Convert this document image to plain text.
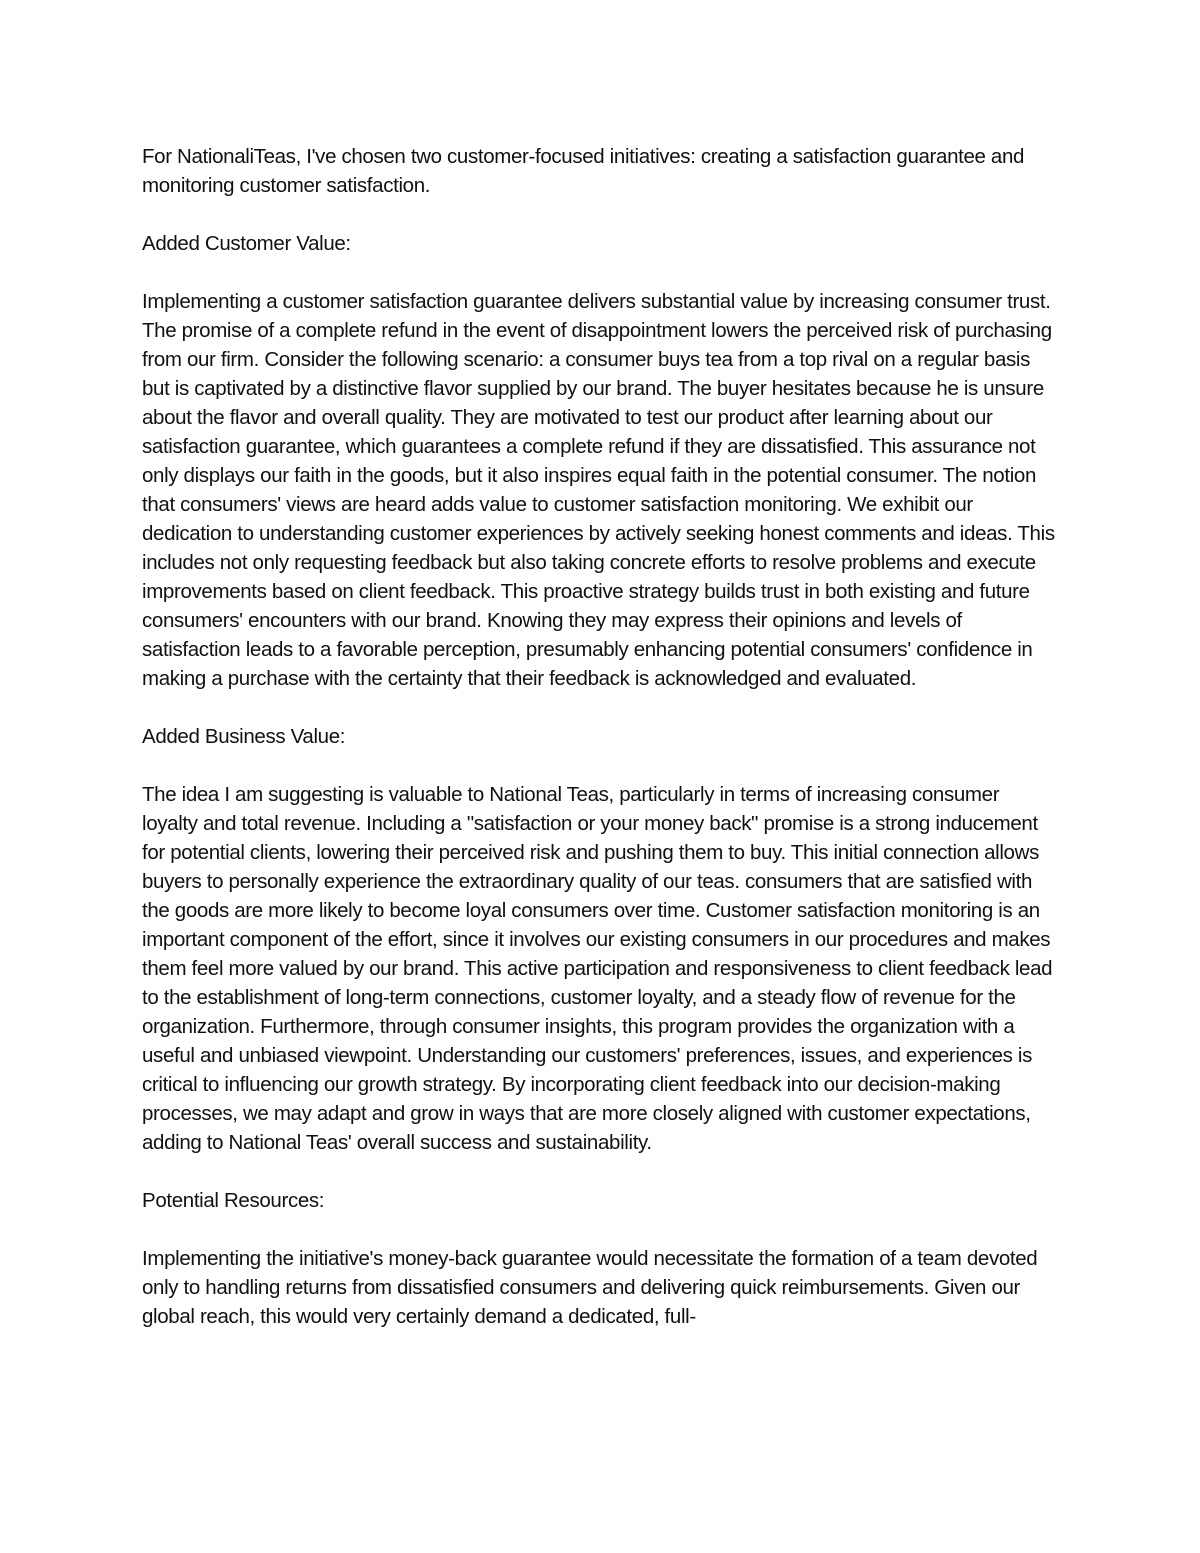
For NationaliTeas, I've chosen two customer-focused initiatives: creating a satisfaction guarantee and monitoring customer satisfaction.

Added Customer Value:

Implementing a customer satisfaction guarantee delivers substantial value by increasing consumer trust. The promise of a complete refund in the event of disappointment lowers the perceived risk of purchasing from our firm. Consider the following scenario: a consumer buys tea from a top rival on a regular basis but is captivated by a distinctive flavor supplied by our brand. The buyer hesitates because he is unsure about the flavor and overall quality. They are motivated to test our product after learning about our satisfaction guarantee, which guarantees a complete refund if they are dissatisfied. This assurance not only displays our faith in the goods, but it also inspires equal faith in the potential consumer. The notion that consumers' views are heard adds value to customer satisfaction monitoring. We exhibit our dedication to understanding customer experiences by actively seeking honest comments and ideas. This includes not only requesting feedback but also taking concrete efforts to resolve problems and execute improvements based on client feedback. This proactive strategy builds trust in both existing and future consumers' encounters with our brand. Knowing they may express their opinions and levels of satisfaction leads to a favorable perception, presumably enhancing potential consumers' confidence in making a purchase with the certainty that their feedback is acknowledged and evaluated.

Added Business Value:

The idea I am suggesting is valuable to National Teas, particularly in terms of increasing consumer loyalty and total revenue. Including a "satisfaction or your money back" promise is a strong inducement for potential clients, lowering their perceived risk and pushing them to buy. This initial connection allows buyers to personally experience the extraordinary quality of our teas. consumers that are satisfied with the goods are more likely to become loyal consumers over time. Customer satisfaction monitoring is an important component of the effort, since it involves our existing consumers in our procedures and makes them feel more valued by our brand. This active participation and responsiveness to client feedback lead to the establishment of long-term connections, customer loyalty, and a steady flow of revenue for the organization. Furthermore, through consumer insights, this program provides the organization with a useful and unbiased viewpoint. Understanding our customers' preferences, issues, and experiences is critical to influencing our growth strategy. By incorporating client feedback into our decision-making processes, we may adapt and grow in ways that are more closely aligned with customer expectations, adding to National Teas' overall success and sustainability.

Potential Resources:

Implementing the initiative's money-back guarantee would necessitate the formation of a team devoted only to handling returns from dissatisfied consumers and delivering quick reimbursements. Given our global reach, this would very certainly demand a dedicated, full-
